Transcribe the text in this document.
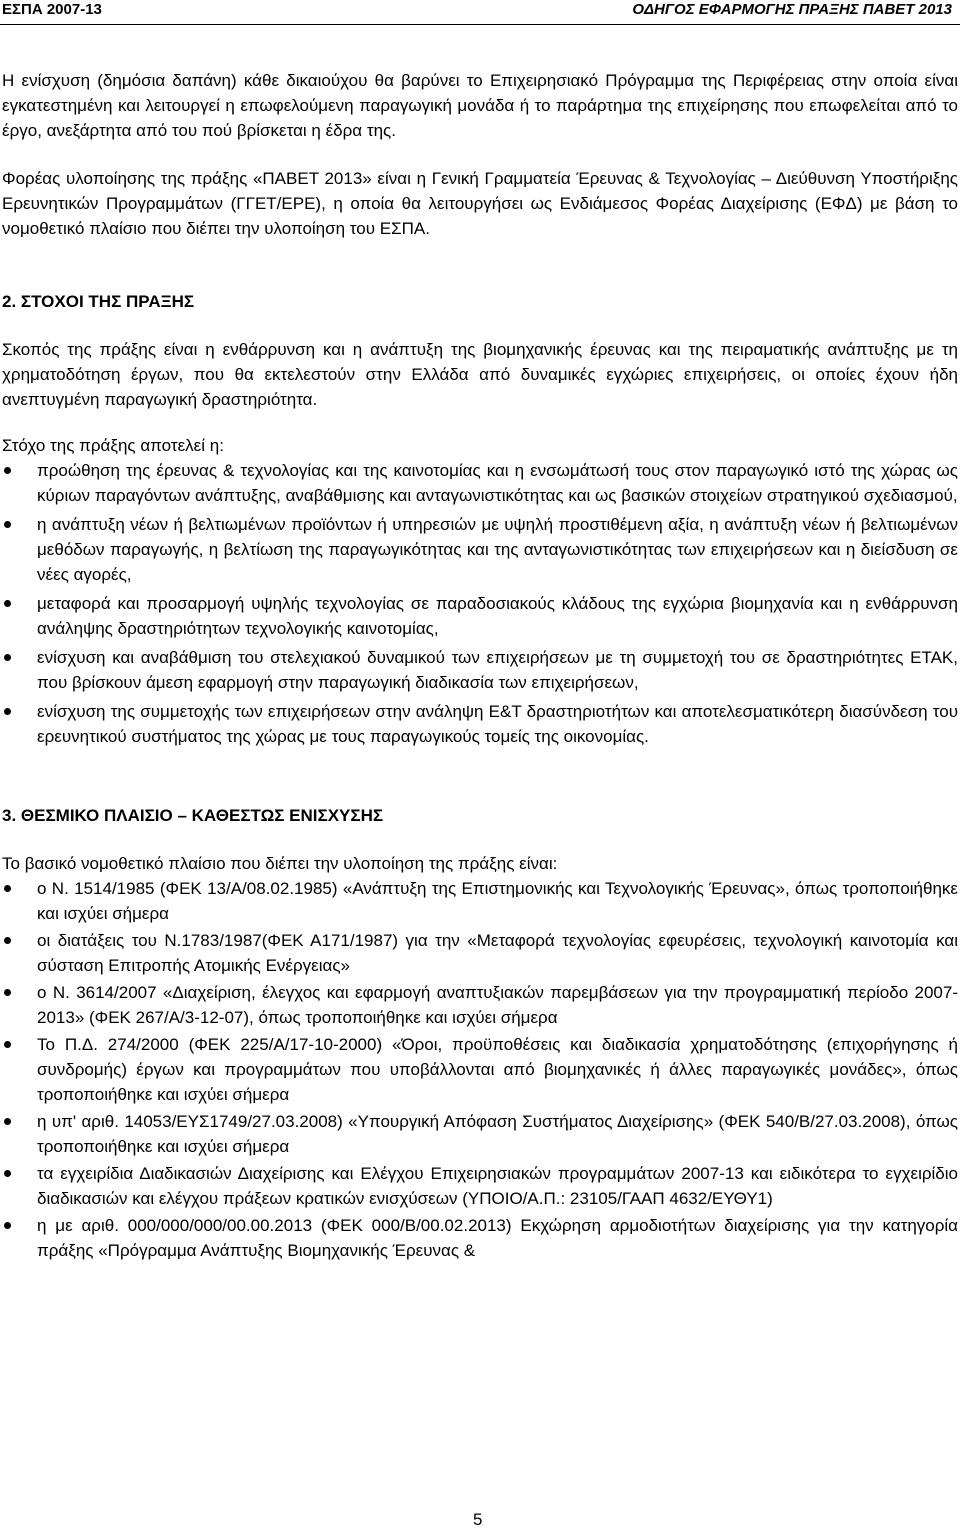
ΕΣΠΑ 2007-13	ΟΔΗΓΟΣ ΕΦΑΡΜΟΓΗΣ ΠΡΑΞΗΣ ΠΑΒΕΤ 2013

Η ενίσχυση (δημόσια δαπάνη) κάθε δικαιούχου θα βαρύνει το Επιχειρησιακό Πρόγραμμα της Περιφέρειας στην οποία είναι εγκατεστημένη και λειτουργεί η επωφελούμενη παραγωγική μονάδα ή το παράρτημα της επιχείρησης που επωφελείται από το έργο, ανεξάρτητα από του πού βρίσκεται η έδρα της.

Φορέας υλοποίησης της πράξης «ΠΑΒΕΤ 2013» είναι η Γενική Γραμματεία Έρευνας & Τεχνολογίας – Διεύθυνση Υποστήριξης Ερευνητικών Προγραμμάτων (ΓΓΕΤ/ΕΡΕ), η οποία θα λειτουργήσει ως Ενδιάμεσος Φορέας Διαχείρισης (ΕΦΔ) με βάση το νομοθετικό πλαίσιο που διέπει την υλοποίηση του ΕΣΠΑ.

2. ΣΤΟΧΟΙ ΤΗΣ ΠΡΑΞΗΣ

Σκοπός της πράξης είναι η ενθάρρυνση και η ανάπτυξη της βιομηχανικής έρευνας και της πειραματικής ανάπτυξης με τη χρηματοδότηση έργων, που θα εκτελεστούν στην Ελλάδα από δυναμικές εγχώριες επιχειρήσεις, οι οποίες έχουν ήδη ανεπτυγμένη παραγωγική δραστηριότητα.

Στόχο της πράξης αποτελεί η:

προώθηση της έρευνας & τεχνολογίας και της καινοτομίας και η ενσωμάτωσή τους στον παραγωγικό ιστό της χώρας ως κύριων παραγόντων ανάπτυξης, αναβάθμισης και ανταγωνιστικότητας και ως βασικών στοιχείων στρατηγικού σχεδιασμού,
η ανάπτυξη νέων ή βελτιωμένων προϊόντων ή υπηρεσιών με υψηλή προστιθέμενη αξία, η ανάπτυξη νέων ή βελτιωμένων μεθόδων παραγωγής, η βελτίωση της παραγωγικότητας και της ανταγωνιστικότητας των επιχειρήσεων και η διείσδυση σε νέες αγορές,
μεταφορά και προσαρμογή υψηλής τεχνολογίας σε παραδοσιακούς κλάδους της εγχώρια βιομηχανία και η ενθάρρυνση ανάληψης δραστηριότητων τεχνολογικής καινοτομίας,
ενίσχυση και αναβάθμιση του στελεχιακού δυναμικού των επιχειρήσεων με τη συμμετοχή του σε δραστηριότητες ΕΤΑΚ, που βρίσκουν άμεση εφαρμογή στην παραγωγική διαδικασία των επιχειρήσεων,
ενίσχυση της συμμετοχής των επιχειρήσεων στην ανάληψη Ε&Τ δραστηριοτήτων και αποτελεσματικότερη διασύνδεση του ερευνητικού συστήματος της χώρας με τους παραγωγικούς τομείς της οικονομίας.
3. ΘΕΣΜΙΚΟ ΠΛΑΙΣΙΟ – ΚΑΘΕΣΤΩΣ ΕΝΙΣΧΥΣΗΣ

Το βασικό νομοθετικό πλαίσιο που διέπει την υλοποίηση της πράξης είναι:

ο Ν. 1514/1985 (ΦΕΚ 13/Α/08.02.1985) «Ανάπτυξη της Επιστημονικής και Τεχνολογικής Έρευνας», όπως τροποποιήθηκε και ισχύει σήμερα
οι διατάξεις του Ν.1783/1987(ΦΕΚ Α171/1987) για την «Μεταφορά τεχνολογίας εφευρέσεις, τεχνολογική καινοτομία και σύσταση Επιτροπής Ατομικής Ενέργειας»
ο Ν. 3614/2007 «Διαχείριση, έλεγχος και εφαρμογή αναπτυξιακών παρεμβάσεων για την προγραμματική περίοδο 2007-2013» (ΦΕΚ 267/Α/3-12-07), όπως τροποποιήθηκε και ισχύει σήμερα
Το Π.Δ. 274/2000 (ΦΕΚ 225/Α/17-10-2000) «Όροι, προϋποθέσεις και διαδικασία χρηματοδότησης (επιχορήγησης ή συνδρομής) έργων και προγραμμάτων που υποβάλλονται από βιομηχανικές ή άλλες παραγωγικές μονάδες», όπως τροποποιήθηκε και ισχύει σήμερα
η υπ' αριθ. 14053/ΕΥΣ1749/27.03.2008) «Υπουργική Απόφαση Συστήματος Διαχείρισης» (ΦΕΚ 540/Β/27.03.2008), όπως τροποποιήθηκε και ισχύει σήμερα
τα εγχειρίδια Διαδικασιών Διαχείρισης και Ελέγχου Επιχειρησιακών προγραμμάτων 2007-13 και ειδικότερα το εγχειρίδιο διαδικασιών και ελέγχου πράξεων κρατικών ενισχύσεων (ΥΠΟΙΟ/Α.Π.: 23105/ΓΑΑΠ 4632/ΕΥΘΥ1)
η με αριθ. 000/000/000/00.00.2013 (ΦΕΚ 000/Β/00.02.2013) Εκχώρηση αρμοδιοτήτων διαχείρισης για την κατηγορία πράξης «Πρόγραμμα Ανάπτυξης Βιομηχανικής Έρευνας &
5
